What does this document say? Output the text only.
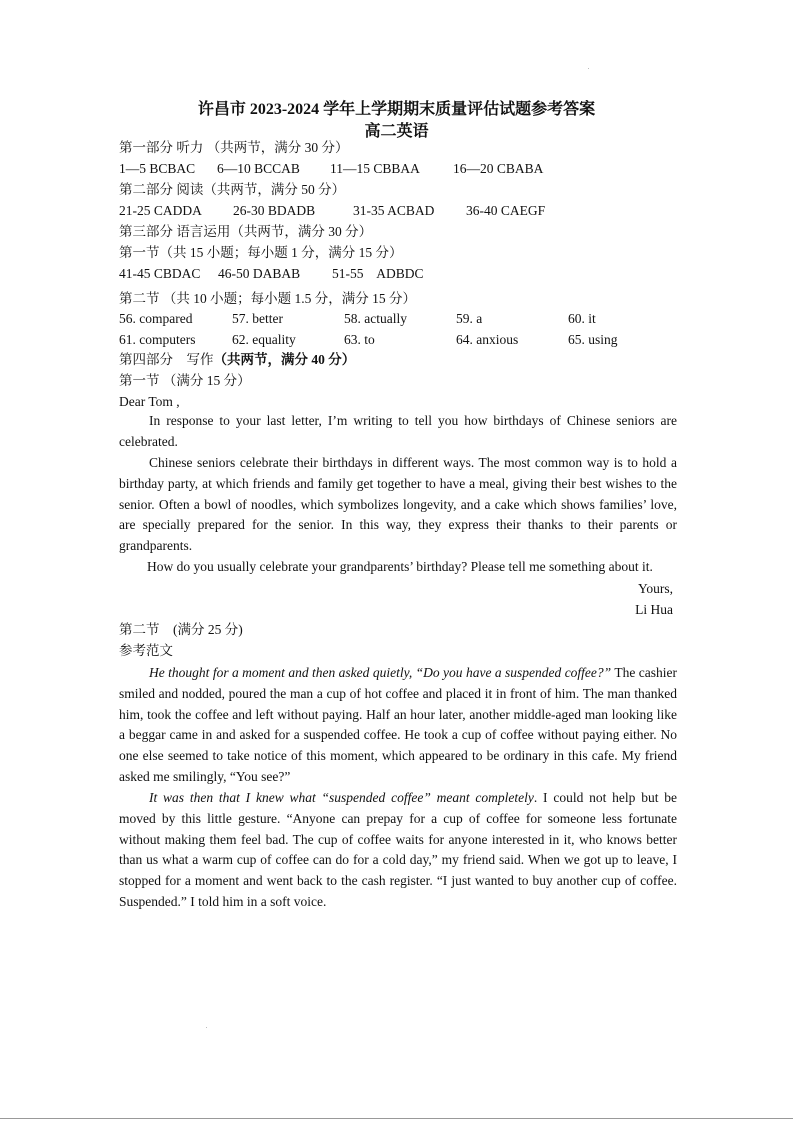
许昌市 2023-2024 学年上学期期末质量评估试题参考答案
高二英语
第一部分 听力 （共两节，满分 30 分）
1—5 BCBAC 6—10 BCCAB 11—15 CBBAA 16—20 CBABA
第二部分 阅读（共两节，满分 50 分）
21-25 CADDA 26-30 BDADB	31-35 ACBAD 36-40 CAEGF
第三部分 语言运用（共两节，满分 30 分）
第一节（共 15 小题；每小题 1 分，满分 15 分）
41-45 CBDAC 46-50 DABAB 51-55    ADBDC
第二节 （共 10 小题；每小题 1.5 分，满分 15 分）
56. compared	57. better	58. actually	59. a	60. it
61. computers	62. equality	63. to	64. anxious	65. using
第四部分    写作（共两节，满分 40 分）
第一节 （满分 15 分）
Dear Tom ,
In response to your last letter, I’m writing to tell you how birthdays of Chinese seniors are celebrated.
Chinese seniors celebrate their birthdays in different ways. The most common way is to hold a birthday party, at which friends and family get together to have a meal, giving their best wishes to the senior. Often a bowl of noodles, which symbolizes longevity, and a cake which shows families’ love, are specially prepared for the senior. In this way, they express their thanks to their parents or grandparents.
How do you usually celebrate your grandparents’ birthday? Please tell me something about it.
Yours,
Li Hua
第二节    (满分 25 分)
参考范文
He thought for a moment and then asked quietly, “Do you have a suspended coffee?” The cashier smiled and nodded, poured the man a cup of hot coffee and placed it in front of him. The man thanked him, took the coffee and left without paying. Half an hour later, another middle-aged man looking like a beggar came in and asked for a suspended coffee. He took a cup of coffee without paying either. No one else seemed to take notice of this moment, which appeared to be ordinary in this cafe. My friend asked me smilingly, “You see?”
It was then that I knew what “suspended coffee” meant completely. I could not help but be moved by this little gesture. “Anyone can prepay for a cup of coffee for someone less fortunate without making them feel bad. The cup of coffee waits for anyone interested in it, who knows better than us what a warm cup of coffee can do for a cold day,” my friend said. When we got up to leave, I stopped for a moment and went back to the cash register. “I just wanted to buy another cup of coffee. Suspended.” I told him in a soft voice.
